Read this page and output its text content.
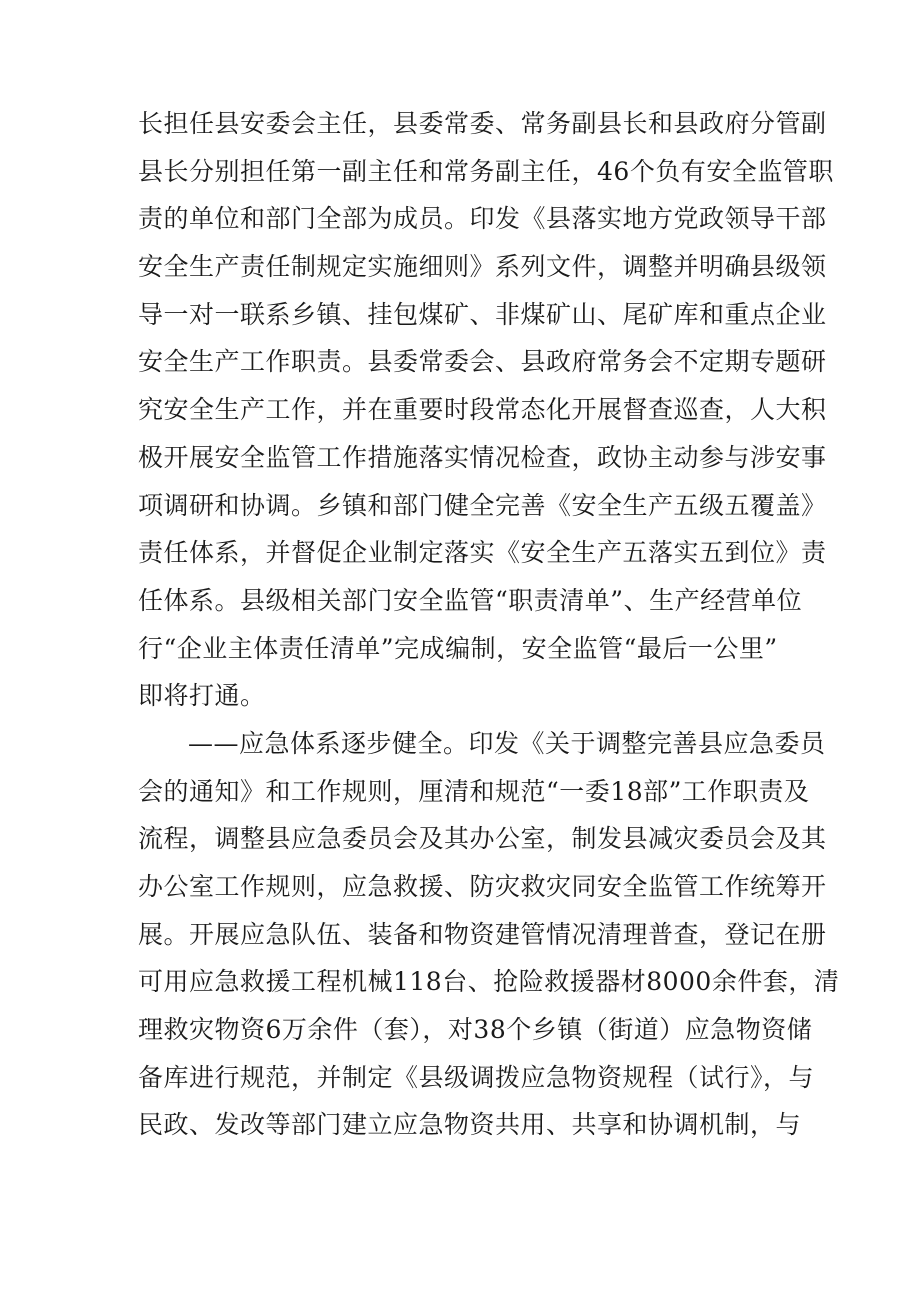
长担任县安委会主任，县委常委、常务副县长和县政府分管副
县长分别担任第一副主任和常务副主任，46个负有安全监管职
责的单位和部门全部为成员。印发《县落实地方党政领导干部
安全生产责任制规定实施细则》系列文件，调整并明确县级领
导一对一联系乡镇、挂包煤矿、非煤矿山、尾矿库和重点企业
安全生产工作职责。县委常委会、县政府常务会不定期专题研
究安全生产工作，并在重要时段常态化开展督查巡查，人大积
极开展安全监管工作措施落实情况检查，政协主动参与涉安事
项调研和协调。乡镇和部门健全完善《安全生产五级五覆盖》
责任体系，并督促企业制定落实《安全生产五落实五到位》责
任体系。县级相关部门安全监管“职责清单”、生产经营单位
行“企业主体责任清单”完成编制，安全监管“最后一公里”
即将打通。
——应急体系逐步健全。印发《关于调整完善县应急委员
会的通知》和工作规则，厘清和规范“一委18部”工作职责及
流程，调整县应急委员会及其办公室，制发县减灾委员会及其
办公室工作规则，应急救援、防灾救灾同安全监管工作统筹开
展。开展应急队伍、装备和物资建管情况清理普查，登记在册
可用应急救援工程机械118台、抢险救援器材8000余件套，清
理救灾物资6万余件（套），对38个乡镇（街道）应急物资储
备库进行规范，并制定《县级调拨应急物资规程（试行》，与
民政、发改等部门建立应急物资共用、共享和协调机制，与
